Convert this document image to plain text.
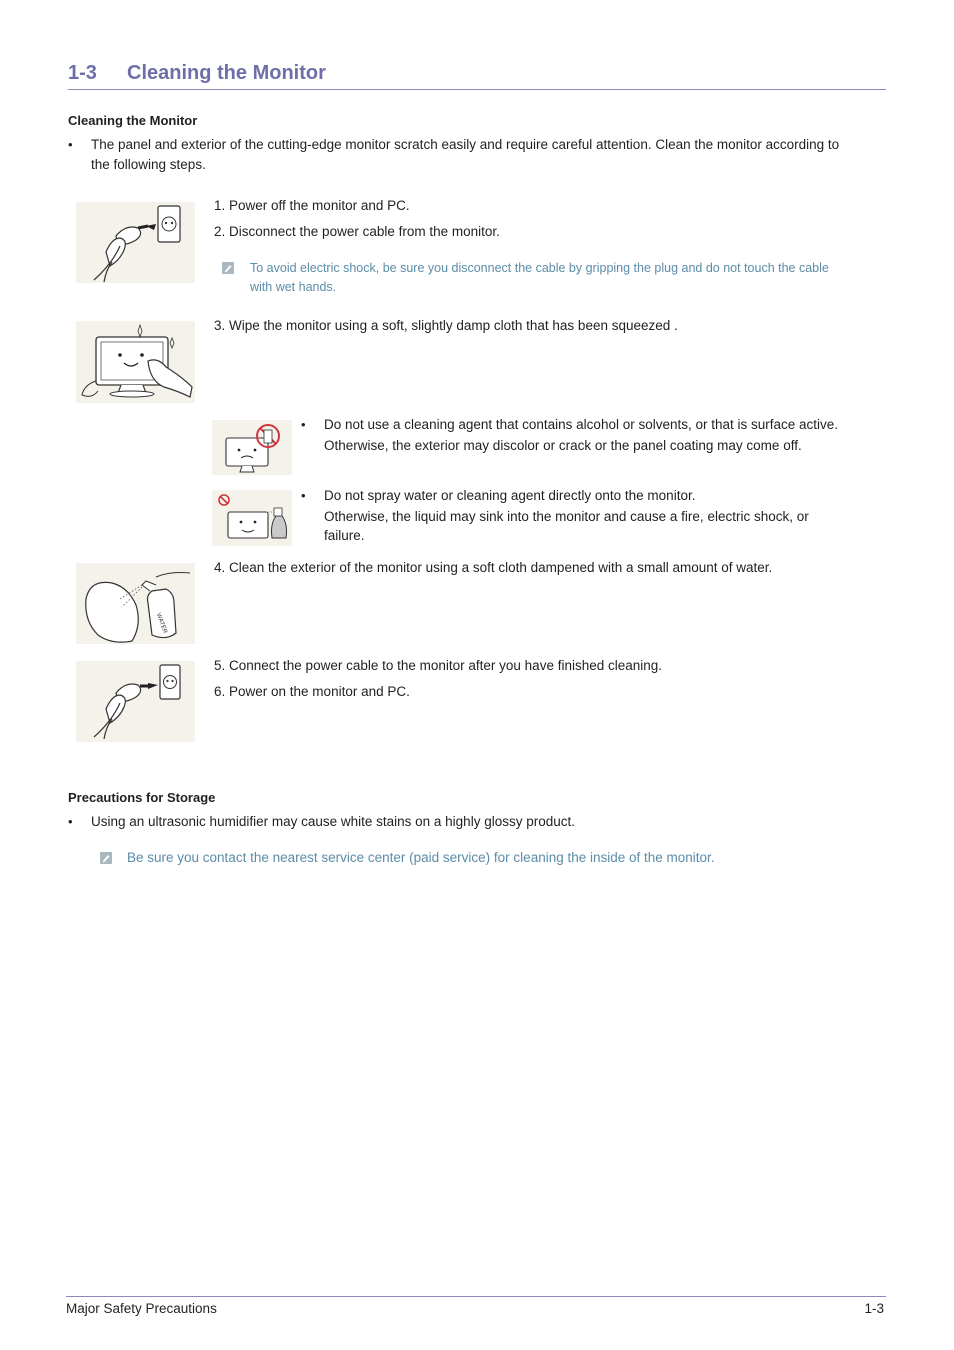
1-3 Cleaning the Monitor
Cleaning the Monitor
• The panel and exterior of the cutting-edge monitor scratch easily and require careful attention. Clean the monitor according to
the following steps.
1. Power off the monitor and PC.
2. Disconnect the power cable from the monitor.
To avoid electric shock, be sure you disconnect the cable by gripping the plug and do not touch the cable
with wet hands.
3. Wipe the monitor using a soft, slightly damp cloth that has been squeezed .
• Do not use a cleaning agent that contains alcohol or solvents, or that is surface active.
Otherwise, the exterior may discolor or crack or the panel coating may come off.
• Do not spray water or cleaning agent directly onto the monitor.
Otherwise, the liquid may sink into the monitor and cause a fire, electric shock, or
failure.
WATER
4. Clean the exterior of the monitor using a soft cloth dampened with a small amount of water.
5. Connect the power cable to the monitor after you have finished cleaning.
6. Power on the monitor and PC.
Precautions for Storage
• Using an ultrasonic humidifier may cause white stains on a highly glossy product.
Be sure you contact the nearest service center (paid service) for cleaning the inside of the monitor.
Major Safety Precautions	1-3
